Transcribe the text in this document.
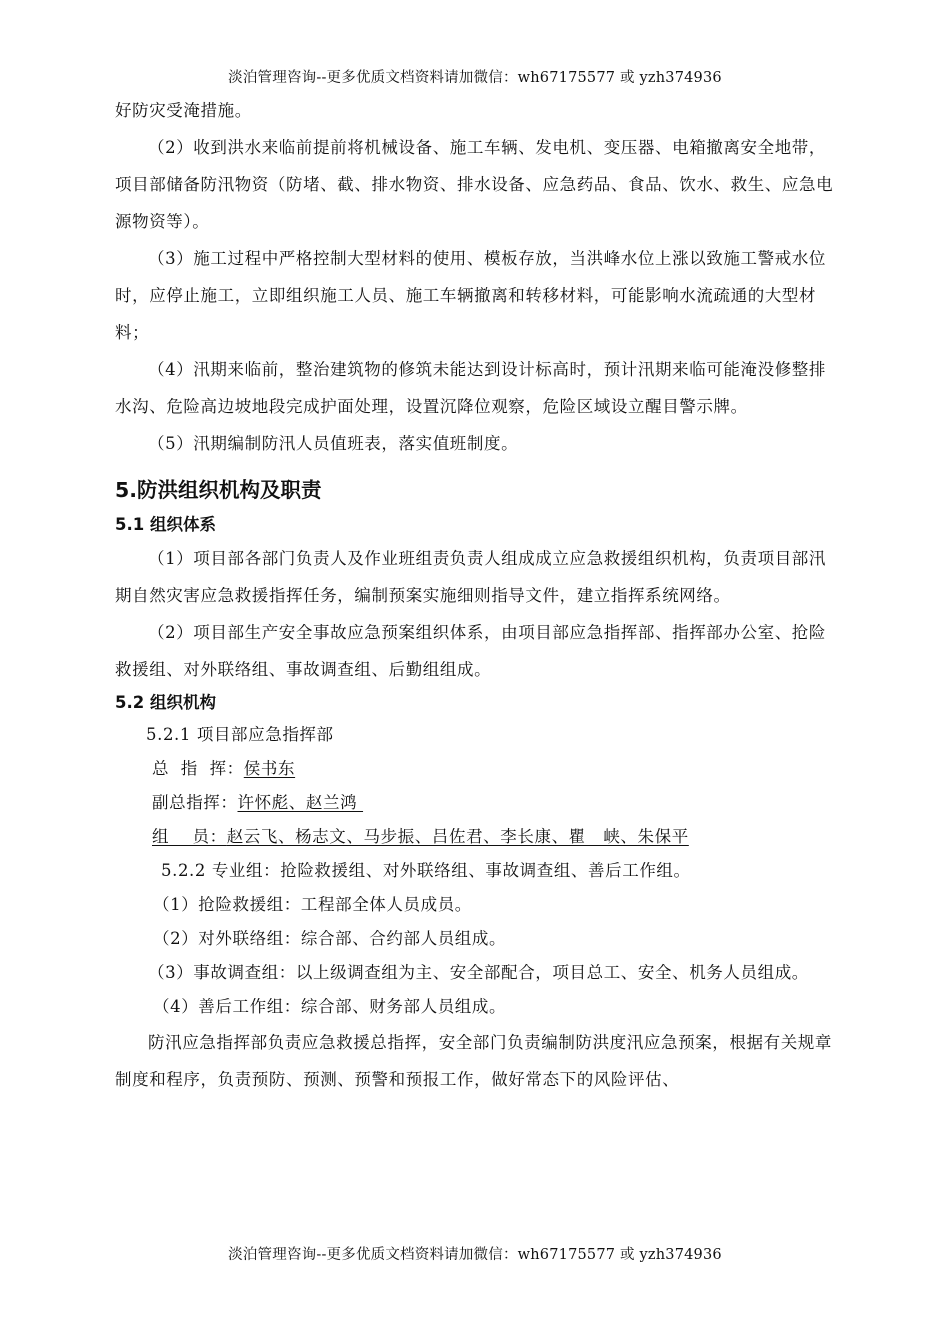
淡泊管理咨询--更多优质文档资料请加微信：wh67175577 或 yzh374936

好防灾受淹措施。

（2）收到洪水来临前提前将机械设备、施工车辆、发电机、变压器、电箱撤离安全地带，项目部储备防汛物资（防堵、截、排水物资、排水设备、应急药品、食品、饮水、救生、应急电源物资等）。

（3）施工过程中严格控制大型材料的使用、模板存放，当洪峰水位上涨以致施工警戒水位时，应停止施工，立即组织施工人员、施工车辆撤离和转移材料，可能影响水流疏通的大型材料；

（4）汛期来临前，整治建筑物的修筑未能达到设计标高时，预计汛期来临可能淹没修整排水沟、危险高边坡地段完成护面处理，设置沉降位观察，危险区域设立醒目警示牌。

（5）汛期编制防汛人员值班表，落实值班制度。

5.防洪组织机构及职责
5.1 组织体系

（1）项目部各部门负责人及作业班组责负责人组成成立应急救援组织机构，负责项目部汛期自然灾害应急救援指挥任务，编制预案实施细则指导文件，建立指挥系统网络。

（2）项目部生产安全事故应急预案组织体系，由项目部应急指挥部、指挥部办公室、抢险救援组、对外联络组、事故调查组、后勤组组成。

5.2 组织机构

5.2.1 项目部应急指挥部

总  指  挥：侯书东

副总指挥：许怀彪、赵兰鸿

组    员：赵云飞、杨志文、马步振、吕佐君、李长康、瞿   峡、朱保平

5.2.2 专业组：抢险救援组、对外联络组、事故调查组、善后工作组。

（1）抢险救援组：工程部全体人员成员。

（2）对外联络组：综合部、合约部人员组成。

（3）事故调查组：以上级调查组为主、安全部配合，项目总工、安全、机务人员组成。

（4）善后工作组：综合部、财务部人员组成。

防汛应急指挥部负责应急救援总指挥，安全部门负责编制防洪度汛应急预案，根据有关规章制度和程序，负责预防、预测、预警和预报工作，做好常态下的风险评估、

淡泊管理咨询--更多优质文档资料请加微信：wh67175577 或 yzh374936
